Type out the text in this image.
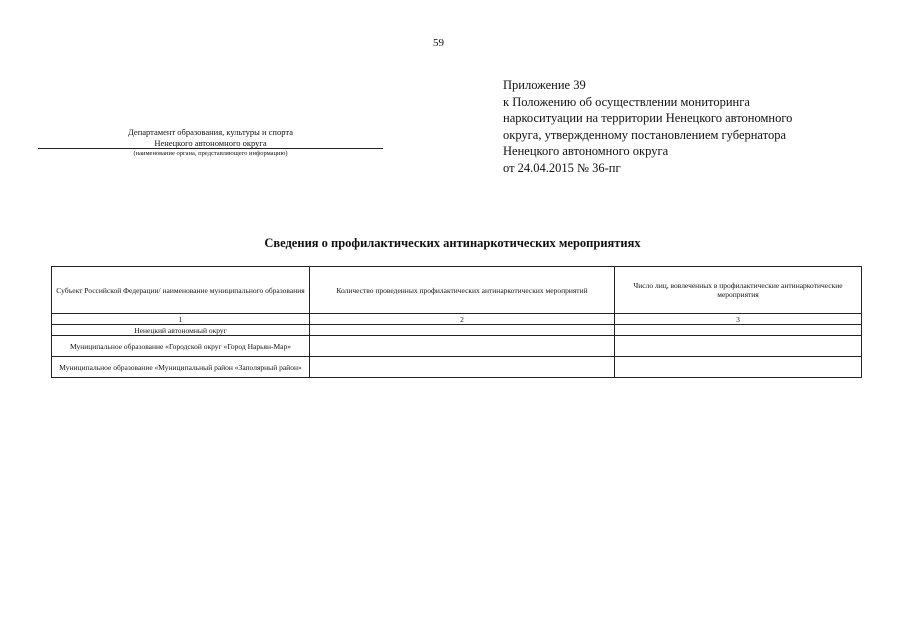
59
Приложение 39
к Положению об осуществлении мониторинга
наркоситуации на территории Ненецкого автономного
округа, утвержденному постановлением губернатора
Ненецкого автономного округа
от 24.04.2015 № 36-пг
Департамент образования, культуры и спорта
Ненецкого автономного округа
(наименование органа, представляющего информацию)
Сведения о профилактических антинаркотических мероприятиях
Субъект Российской Федерации/ наименование муниципального образования	Количество проведенных профилактических антинаркотических мероприятий	Число лиц, вовлеченных в профилактические антинаркотические мероприятия
1	2	3
Ненецкий автономный округ		
Муниципальное образование «Городской округ «Город Нарьян-Мар»		
Муниципальное образование «Муниципальный район «Заполярный район»		
